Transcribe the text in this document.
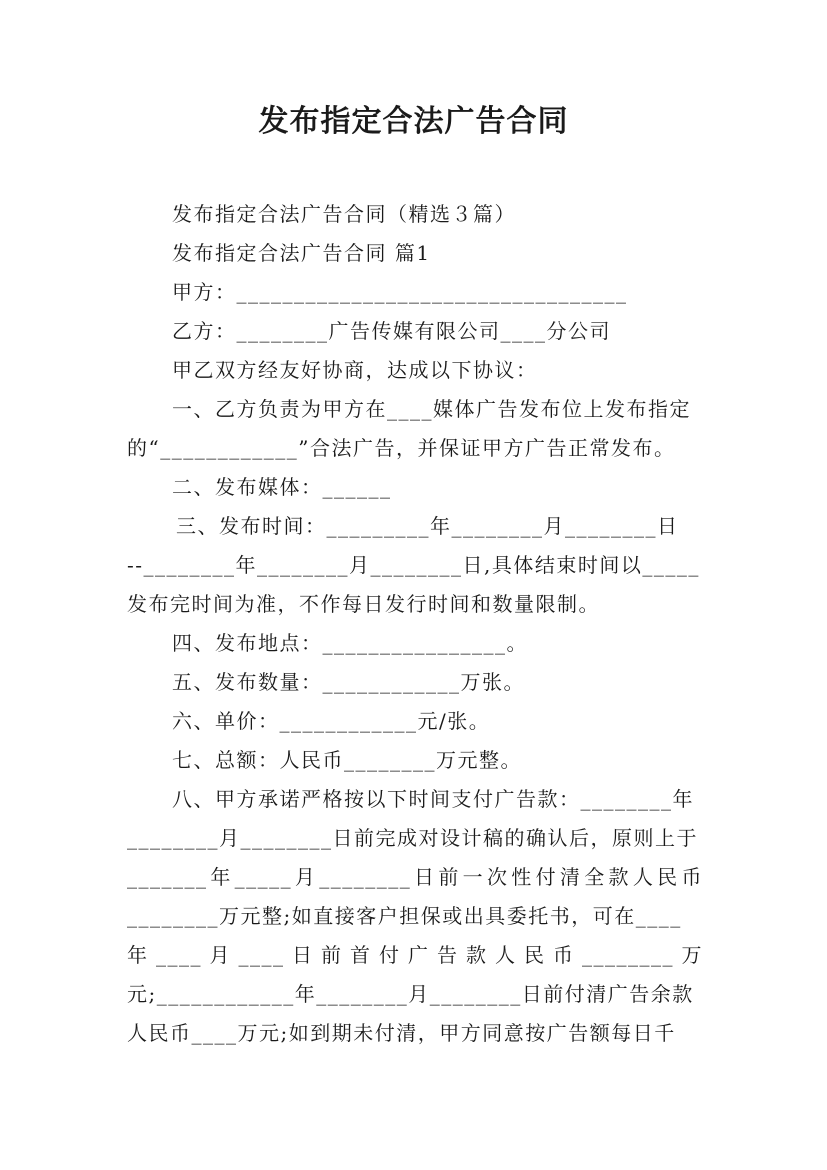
发布指定合法广告合同
发布指定合法广告合同（精选３篇）
发布指定合法广告合同 篇1
甲方：__________________________________
乙方：________广告传媒有限公司____分公司
甲乙双方经友好协商，达成以下协议：
一、乙方负责为甲方在____媒体广告发布位上发布指定
的“____________”合法广告，并保证甲方广告正常发布。
二、发布媒体：______
三、发布时间：_________年________月________日
--________年________月________日,具体结束时间以_____
发布完时间为准，不作每日发行时间和数量限制。
四、发布地点：________________。
五、发布数量：____________万张。
六、单价：____________元/张。
七、总额：人民币________万元整。
八、甲方承诺严格按以下时间支付广告款：________年
________月________日前完成对设计稿的确认后，原则上于
_______年_____月________日前一次性付清全款人民币
________万元整;如直接客户担保或出具委托书，可在____
年____月____日前首付广告款人民币________万
元;____________年________月________日前付清广告余款
人民币____万元;如到期未付清，甲方同意按广告额每日千
